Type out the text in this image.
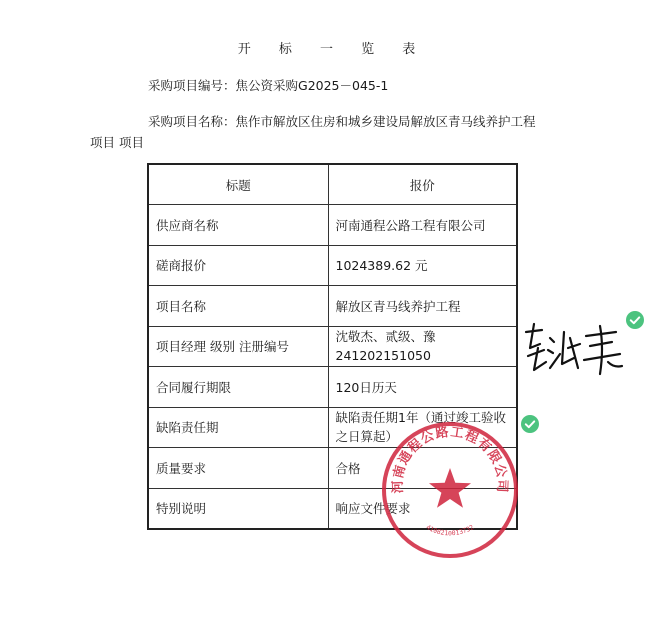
开 标 一 览 表
采购项目编号：焦公资采购G2025－045-1
采购项目名称：焦作市解放区住房和城乡建设局解放区青马线养护工程
项目 项目
标题	报价
供应商名称	河南通程公路工程有限公司
磋商报价	1024389.62 元
项目名称	解放区青马线养护工程
项目经理 级别 注册编号	沈敬杰、贰级、豫241202151050
合同履行期限	120日历天
缺陷责任期	缺陷责任期1年（通过竣工验收之日算起）
质量要求	合格
特别说明	响应文件要求
河南通程公路工程有限公司
4108210013732
